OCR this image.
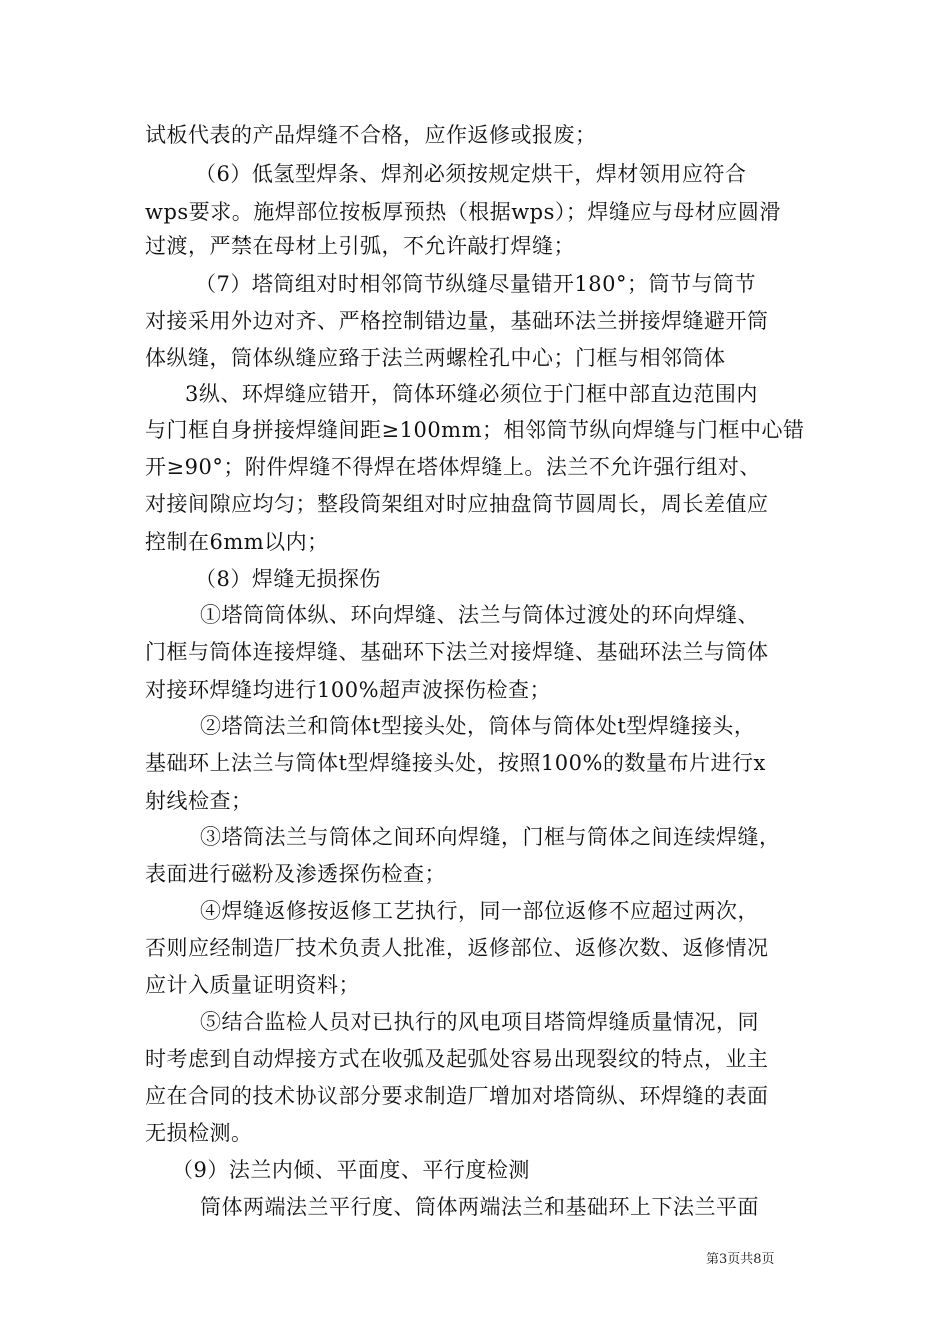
试板代表的产品焊缝不合格，应作返修或报废；
（6）低氢型焊条、焊剂必须按规定烘干，焊材领用应符合
wps要求。施焊部位按板厚预热（根据wps）；焊缝应与母材应圆滑
过渡，严禁在母材上引弧，不允许敲打焊缝；
（7）塔筒组对时相邻筒节纵缝尽量错开180°；筒节与筒节
对接采用外边对齐、严格控制错边量，基础环法兰拼接焊缝避开筒
体纵缝，筒体纵缝应臵于法兰两螺栓孔中心；门框与相邻筒体
3纵、环焊缝应错开，筒体环缝必须位于门框中部直边范围内
与门框自身拼接焊缝间距≥100mm；相邻筒节纵向焊缝与门框中心错
开≥90°；附件焊缝不得焊在塔体焊缝上。法兰不允许强行组对、
对接间隙应均匀；整段筒架组对时应抽盘筒节圆周长，周长差值应
控制在6mm以内；
（8）焊缝无损探伤
①塔筒筒体纵、环向焊缝、法兰与筒体过渡处的环向焊缝、
门框与筒体连接焊缝、基础环下法兰对接焊缝、基础环法兰与筒体
对接环焊缝均进行100%超声波探伤检查；
②塔筒法兰和筒体t型接头处，筒体与筒体处t型焊缝接头，
基础环上法兰与筒体t型焊缝接头处，按照100%的数量布片进行x
射线检查；
③塔筒法兰与筒体之间环向焊缝，门框与筒体之间连续焊缝，
表面进行磁粉及渗透探伤检查；
④焊缝返修按返修工艺执行，同一部位返修不应超过两次，
否则应经制造厂技术负责人批准，返修部位、返修次数、返修情况
应计入质量证明资料；
⑤结合监检人员对已执行的风电项目塔筒焊缝质量情况，同
时考虑到自动焊接方式在收弧及起弧处容易出现裂纹的特点，业主
应在合同的技术协议部分要求制造厂增加对塔筒纵、环焊缝的表面
无损检测。
（9）法兰内倾、平面度、平行度检测
筒体两端法兰平行度、筒体两端法兰和基础环上下法兰平面
第3页共8页
